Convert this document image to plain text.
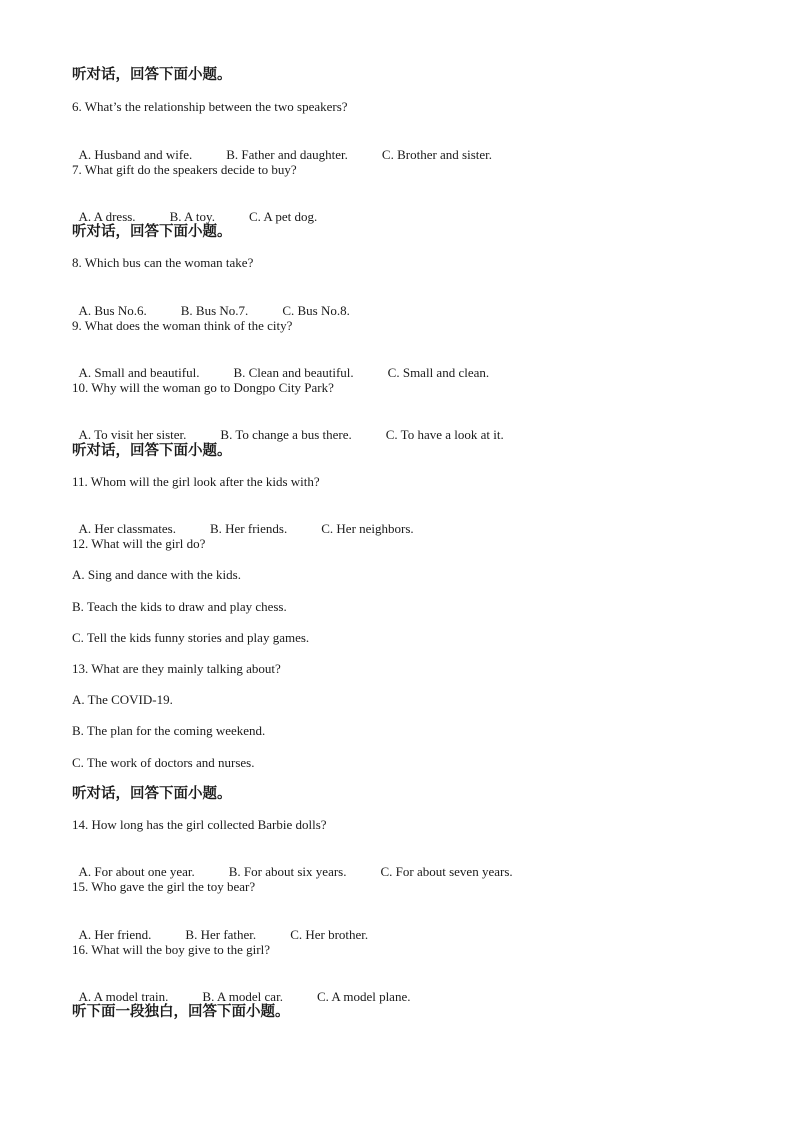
听对话，回答下面小题。
6. What’s the relationship between the two speakers?

A. Husband and wife.	B. Father and daughter.	C. Brother and sister.

7. What gift do the speakers decide to buy?

A. A dress.	B. A toy.	C. A pet dog.

听对话，回答下面小题。
8. Which bus can the woman take?

A. Bus No.6.	B. Bus No.7.	C. Bus No.8.

9. What does the woman think of the city?

A. Small and beautiful.	B. Clean and beautiful.	C. Small and clean.

10. Why will the woman go to Dongpo City Park?

A. To visit her sister.	B. To change a bus there.	C. To have a look at it.

听对话，回答下面小题。
11. Whom will the girl look after the kids with?

A. Her classmates.	B. Her friends.	C. Her neighbors.

12. What will the girl do?
A. Sing and dance with the kids.
B. Teach the kids to draw and play chess.
C. Tell the kids funny stories and play games.
13. What are they mainly talking about?
A. The COVID-19.
B. The plan for the coming weekend.
C. The work of doctors and nurses.
听对话，回答下面小题。
14. How long has the girl collected Barbie dolls?

A. For about one year.	B. For about six years.	C. For about seven years.

15. Who gave the girl the toy bear?

A. Her friend.	B. Her father.	C. Her brother.

16. What will the boy give to the girl?

A. A model train.	B. A model car.	C. A model plane.

听下面一段独白，回答下面小题。
